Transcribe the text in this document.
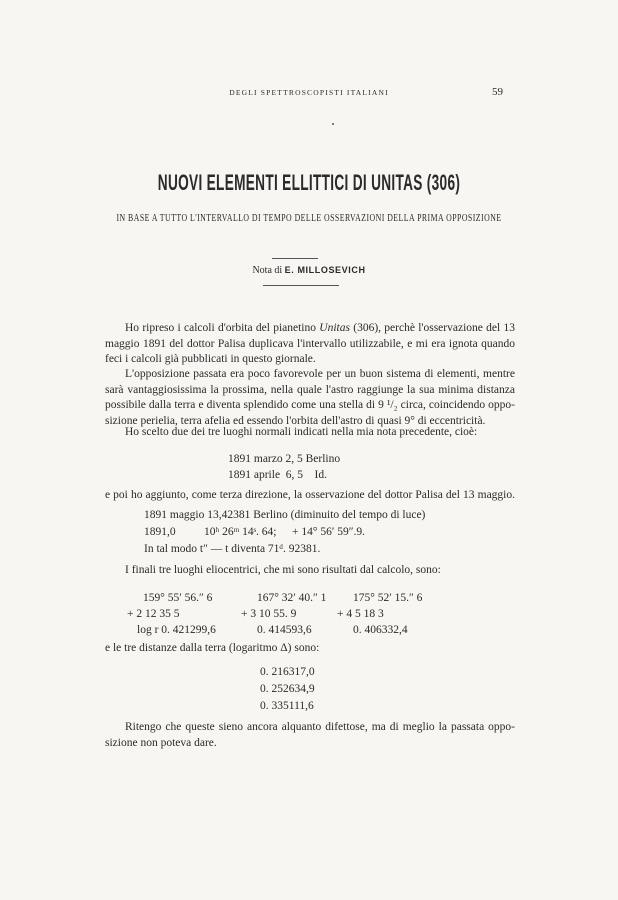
DEGLI SPETTROSCOPISTI ITALIANI	59
NUOVI ELEMENTI ELLITTICI DI UNITAS (306)
IN BASE A TUTTO L'INTERVALLO DI TEMPO DELLE OSSERVAZIONI DELLA PRIMA OPPOSIZIONE
Nota di E. MILLOSEVICH
Ho ripreso i calcoli d'orbita del pianetino Unitas (306), perchè l'osservazione del 13
maggio 1891 del dottor Palisa duplicava l'intervallo utilizzabile, e mi era ignota quando
feci i calcoli già pubblicati in questo giornale.
L'opposizione passata era poco favorevole per un buon sistema di elementi, mentre
sarà vantaggiosissima la prossima, nella quale l'astro raggiunge la sua minima distanza
possibile dalla terra e diventa splendido come una stella di 9 ¹/₂ circa, coincidendo oppo-
sizione perielia, terra afelia ed essendo l'orbita dell'astro di quasi 9° di eccentricità.
Ho scelto due dei tre luoghi normali indicati nella mia nota precedente, cioè:
1891 marzo 2, 5 Berlino
1891 aprile  6, 5    Id.
e poi ho aggiunto, come terza direzione, la osservazione del dottor Palisa del 13 maggio.
1891 maggio 13,42381 Berlino (diminuito del tempo di luce)
1891,0 10ʰ 26ᵐ 14ˢ. 64; + 14° 56′ 59″.9.
In tal modo t″ — t diventa 71ᵈ. 92381.
I finali tre luoghi eliocentrici, che mi sono risultati dal calcolo, sono:
159° 55′ 56.″ 6
+ 2 12 35 5
log r 0. 421299,6
167° 32′ 40.″ 1
+ 3 10 55. 9
0. 414593,6
175° 52′ 15.″ 6
+ 4 5 18 3
0. 406332,4
e le tre distanze dalla terra (logaritmo Δ) sono:
0. 216317,0
0. 252634,9
0. 335111,6
Ritengo che queste sieno ancora alquanto difettose, ma di meglio la passata oppo-
sizione non poteva dare.
